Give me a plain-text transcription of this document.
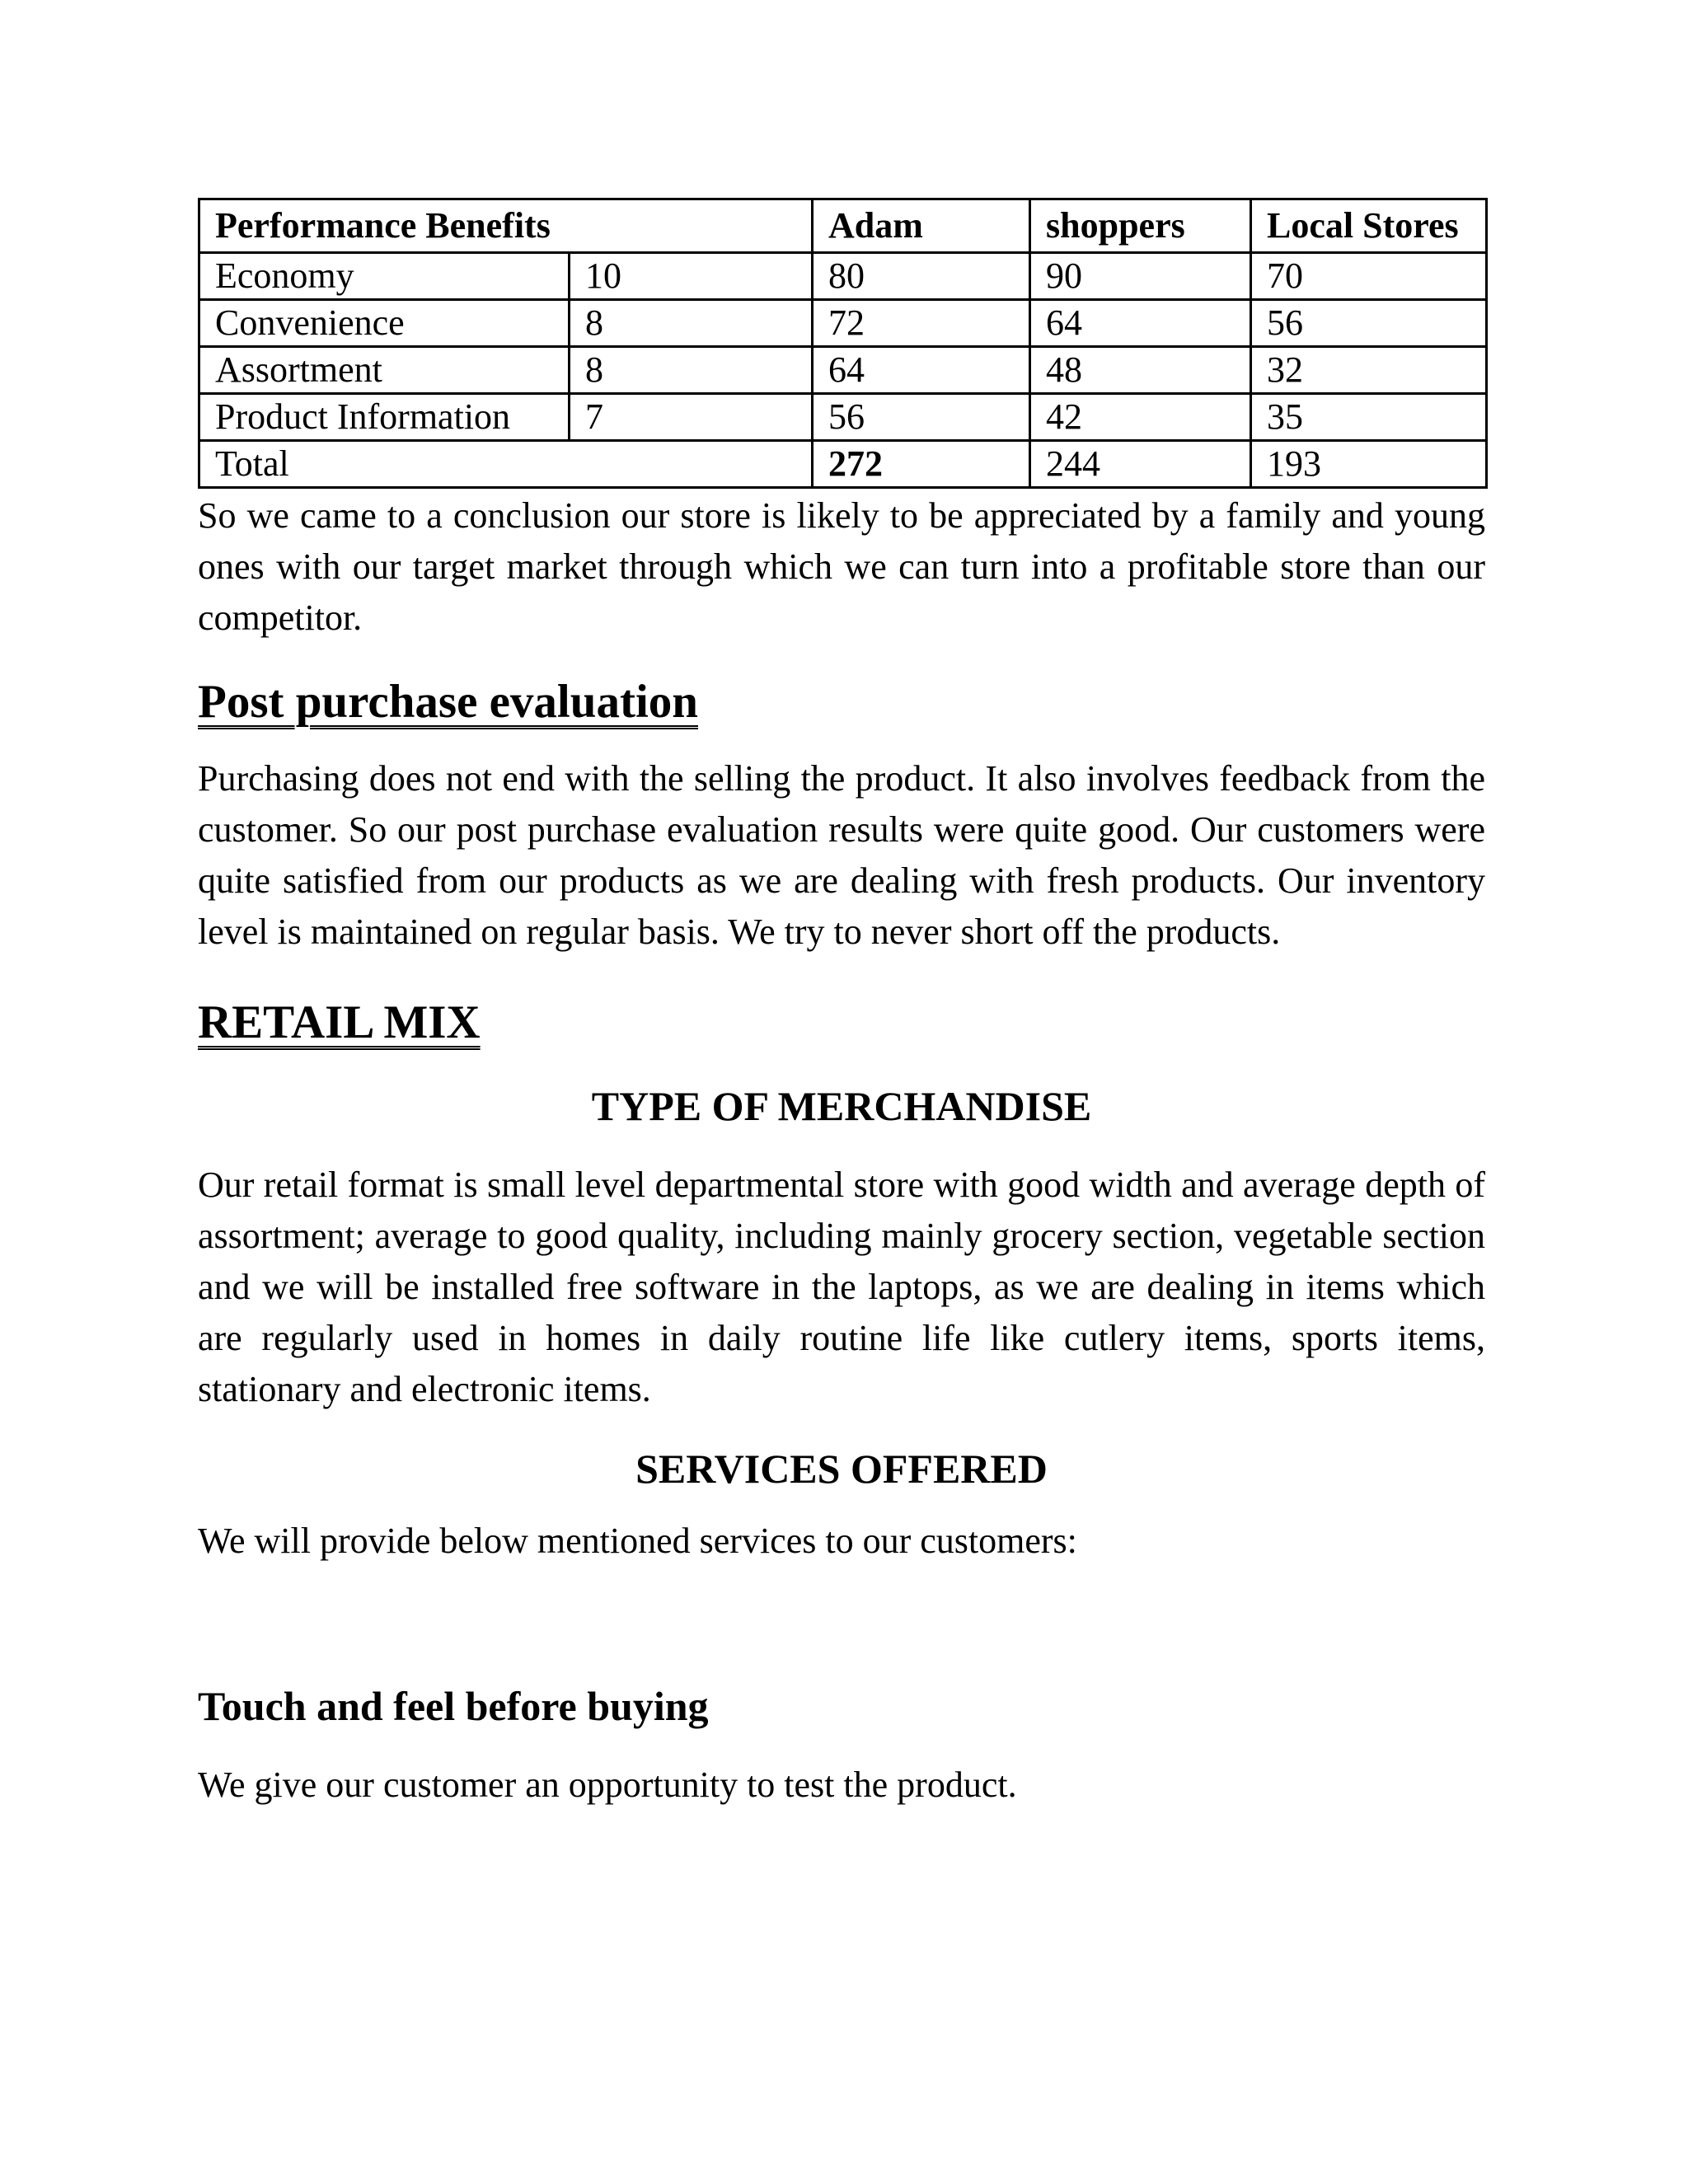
Performance Benefits		Adam	shoppers	Local Stores
Economy	10	80	90	70
Convenience	8	72	64	56
Assortment	8	64	48	32
Product Information	7	56	42	35
Total		272	244	193

So we came to a conclusion our store is likely to be appreciated by a family and young ones with our target market through which we can turn into a profitable store than our competitor.

Post purchase evaluation

Purchasing does not end with the selling the product. It also involves feedback from the customer. So our post purchase evaluation results were quite good. Our customers were quite satisfied from our products as we are dealing with fresh products. Our inventory level is maintained on regular basis. We try to never short off the products.

RETAIL MIX
TYPE OF MERCHANDISE

Our retail format is small level departmental store with good width and average depth of assortment; average to good quality, including mainly grocery section, vegetable section and we will be installed free software in the laptops, as we are dealing in items which are regularly used in homes in daily routine life like cutlery items, sports items, stationary and electronic items.

SERVICES OFFERED

We will provide below mentioned services to our customers:

Touch and feel before buying

We give our customer an opportunity to test the product.
